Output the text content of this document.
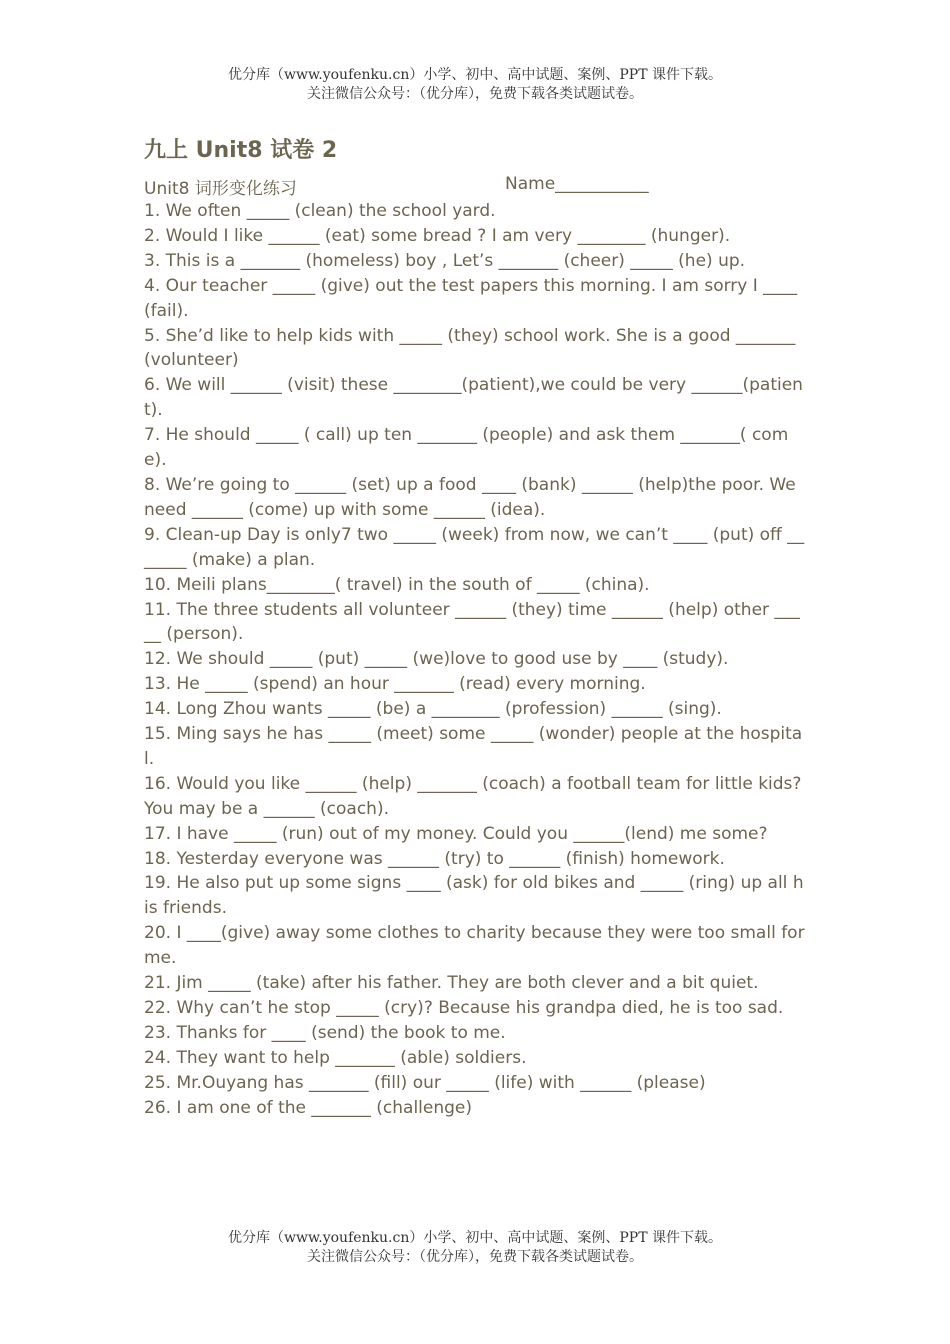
优分库（www.youfenku.cn）小学、初中、高中试题、案例、PPT 课件下载。
关注微信公众号：（优分库），免费下载各类试题试卷。
九上 Unit8 试卷 2
Unit8 词形变化练习	Name___________
1. We often _____ (clean) the school yard.
2. Would I like ______ (eat) some bread ? I am very ________ (hunger).
3. This is a _______ (homeless) boy , Let’s _______ (cheer) _____ (he) up.
4. Our teacher _____ (give) out the test papers this morning. I am sorry I ____ (fail).
5. She’d like to help kids with _____ (they) school work. She is a good _______ (volunteer)
6. We will ______ (visit) these ________(patient),we could be very ______(patient).
7. He should _____ ( call) up ten _______ (people) and ask them _______( come).
8. We’re going to ______ (set) up a food ____ (bank) ______ (help)the poor. We need ______ (come) up with some ______ (idea).
9. Clean-up Day is only7 two _____ (week) from now, we can’t ____ (put) off _______ (make) a plan.
10. Meili plans________( travel) in the south of _____ (china).
11. The three students all volunteer ______ (they) time ______ (help) other _____ (person).
12. We should _____ (put) _____ (we)love to good use by ____ (study).
13. He _____ (spend) an hour _______ (read) every morning.
14. Long Zhou wants _____ (be) a ________ (profession) ______ (sing).
15. Ming says he has _____ (meet) some _____ (wonder) people at the hospital.
16. Would you like ______ (help) _______ (coach) a football team for little kids? You may be a ______ (coach).
17. I have _____ (run) out of my money. Could you ______(lend) me some?
18. Yesterday everyone was ______ (try) to ______ (finish) homework.
19. He also put up some signs ____ (ask) for old bikes and _____ (ring) up all his friends.
20. I ____(give) away some clothes to charity because they were too small for me.
21. Jim _____ (take) after his father. They are both clever and a bit quiet.
22. Why can’t he stop _____ (cry)? Because his grandpa died, he is too sad.
23. Thanks for ____ (send) the book to me.
24. They want to help _______ (able) soldiers.
25. Mr.Ouyang has _______ (fill) our _____ (life) with ______ (please)
26. I am one of the _______ (challenge)
优分库（www.youfenku.cn）小学、初中、高中试题、案例、PPT 课件下载。
关注微信公众号：（优分库），免费下载各类试题试卷。
